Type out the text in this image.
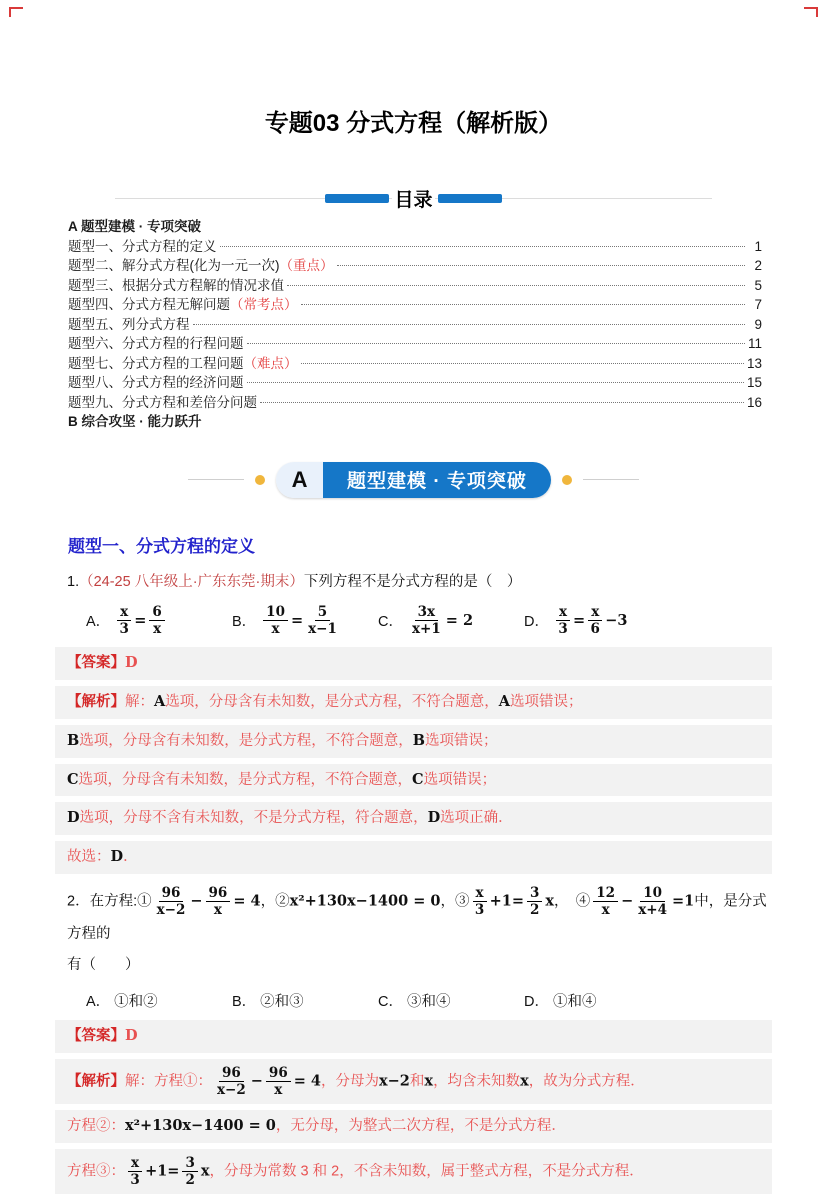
专题03 分式方程（解析版）
目录
A 题型建模 · 专项突破
题型一、分式方程的定义	1
题型二、解分式方程(化为一元一次) （重点）	2
题型三、根据分式方程解的情况求值	5
题型四、分式方程无解问题 （常考点）	7
题型五、列分式方程	9
题型六、分式方程的行程问题	11
题型七、分式方程的工程问题 （难点）	13
题型八、分式方程的经济问题	15
题型九、分式方程和差倍分问题	16
B 综合攻坚 · 能力跃升
A	题型建模 · 专项突破
题型一、分式方程的定义

1.（24-25 八年级上·广东东莞·期末）下列方程不是分式方程的是（　）

A． $\frac{x}{3} = \frac{6}{x}$	B． $\frac{10}{x} = \frac{5}{x-1}$	C． $\frac{3x}{x+1} = 2$	D． $\frac{x}{3} = \frac{x}{6} -3$
【答案】D
【解析】解：A选项，分母含有未知数，是分式方程，不符合题意，A选项错误；
B选项，分母含有未知数，是分式方程，不符合题意，B选项错误；
C选项，分母含有未知数，是分式方程，不符合题意，C选项错误；
D选项，分母不含有未知数，不是分式方程，符合题意，D选项正确．
故选：D．
2．在方程:① $\frac{96}{x-2} - \frac{96}{x} = 4$，②x²+130x−1400 = 0，③ $\frac{x}{3} +1= \frac{3}{2}$ x，　④ $\frac{12}{x} - \frac{10}{x+4} =1$中，是分式方程的
有（　　）
A． ①和②	B． ②和③	C． ③和④	D． ①和④
【答案】D
【解析】解：方程①： $\frac{96}{x-2} - \frac{96}{x} = 4$，分母为x−2和x，均含未知数x，故为分式方程．
方程②：x²+130x−1400 = 0，无分母，为整式二次方程，不是分式方程．
方程③： $\frac{x}{3} +1= \frac{3}{2}$ x，分母为常数 3 和 2，不含未知数，属于整式方程，不是分式方程．
